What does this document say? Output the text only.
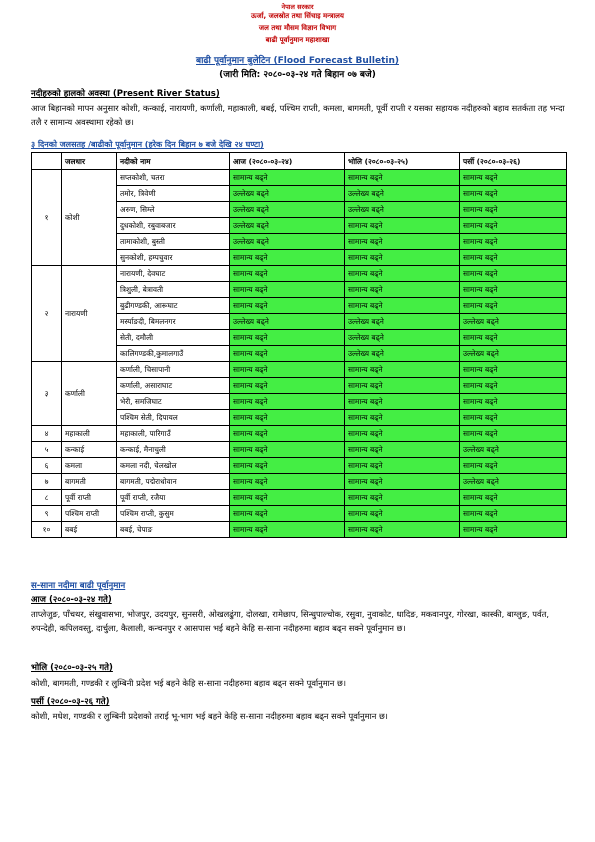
नेपाल सरकार
ऊर्जा, जलस्रोत तथा सिंचाइ मन्त्रालय
जल तथा मौसम विज्ञान विभाग
बाढी पूर्वानुमान महाशाखा
बाढी पूर्वानुमान बुलेटिन (Flood Forecast Bulletin)
(जारी मिति: २०८०-०३-२४ गते बिहान ०७ बजे)
नदीहरुको हालको अवस्था (Present River Status)
आज बिहानको मापन अनुसार कोशी, कन्काई, नारायणी, कर्णाली, महाकाली, बबई, पश्चिम राप्ती, कमला, बागमती, पूर्वी राप्ती र यसका सहायक नदीहरुको बहाव सतर्कता तह भन्दा तलै र सामान्य अवस्थामा रहेको छ।
३ दिनको जलसतह /बाढीको पूर्वानुमान (हरेक दिन बिहान ७ बजे देखि २४ घण्टा)
	जलधार	नदीको नाम	आज (२०८०-०३-२४)	भोलि (२०८०-०३-२५)	पर्सी (२०८०-०३-२६)
१	कोशी	सप्तकोशी, चतरा	सामान्य बढ्ने	सामान्य बढ्ने	सामान्य बढ्ने
		तमोर, त्रिवेणी	उल्लेख्य बढ्ने	उल्लेख्य बढ्ने	सामान्य बढ्ने
		अरुण, सिम्ले	उल्लेख्य बढ्ने	उल्लेख्य बढ्ने	सामान्य बढ्ने
		दुधकोशी, रबुवाबजार	उल्लेख्य बढ्ने	सामान्य बढ्ने	सामान्य बढ्ने
		तामाकोशी, बुस्ती	उल्लेख्य बढ्ने	सामान्य बढ्ने	सामान्य बढ्ने
		सुनकोशी, हम्पचुवार	सामान्य बढ्ने	सामान्य बढ्ने	सामान्य बढ्ने
२	नारायणी	नारायणी, देवघाट	सामान्य बढ्ने	सामान्य बढ्ने	सामान्य बढ्ने
		त्रिशुली, बेत्रावती	सामान्य बढ्ने	सामान्य बढ्ने	सामान्य बढ्ने
		बुढीगण्डकी, आरूघाट	सामान्य बढ्ने	सामान्य बढ्ने	सामान्य बढ्ने
		मर्स्याङदी, बिमलनगर	उल्लेख्य बढ्ने	उल्लेख्य बढ्ने	उल्लेख्य बढ्ने
		सेती, दमौली	सामान्य बढ्ने	उल्लेख्य बढ्ने	सामान्य बढ्ने
		कालिगण्डकी,कुमालगाउँ	सामान्य बढ्ने	उल्लेख्य बढ्ने	उल्लेख्य बढ्ने
३	कर्णाली	कर्णाली, चिसापानी	सामान्य बढ्ने	सामान्य बढ्ने	सामान्य बढ्ने
		कर्णाली, असाराघाट	सामान्य बढ्ने	सामान्य बढ्ने	सामान्य बढ्ने
		भेरी, समजिघाट	सामान्य बढ्ने	सामान्य बढ्ने	सामान्य बढ्ने
		पश्चिम सेती, दिपायल	सामान्य बढ्ने	सामान्य बढ्ने	सामान्य बढ्ने
४	महाकाली	महाकाली, पारिगाउँ	सामान्य बढ्ने	सामान्य बढ्ने	सामान्य बढ्ने
५	कन्काई	कन्काई, मैनाचुली	सामान्य बढ्ने	सामान्य बढ्ने	उल्लेख्य बढ्ने
६	कमला	कमला नदी, चेलखोल	सामान्य बढ्ने	सामान्य बढ्ने	सामान्य बढ्ने
७	बागमती	बागमती, पद्मेराधोवान	सामान्य बढ्ने	सामान्य बढ्ने	उल्लेख्य बढ्ने
८	पूर्वी राप्ती	पूर्वी राप्ती, रजैया	सामान्य बढ्ने	सामान्य बढ्ने	सामान्य बढ्ने
९	पश्चिम राप्ती	पश्चिम राप्ती, कुसुम	सामान्य बढ्ने	सामान्य बढ्ने	सामान्य बढ्ने
१०	बबई	बबई, चेपाङ	सामान्य बढ्ने	सामान्य बढ्ने	सामान्य बढ्ने
स-साना नदीमा बाढी पूर्वानुमान
आज (२०८०-०३-२४ गते)
ताप्लेजुङ, पाँचथर, संखुवासभा, भोजपुर, उदयपुर, सुनसरी, ओखलढुंगा, दोलखा, रामेछाप, सिन्धुपाल्चोक, रसुवा, नुवाकोट, धादिङ, मकवानपुर, गोरखा, कास्की, बाग्लुङ, पर्वत, रुपन्देही, कपिलवस्तु, दार्चुला, कैलाली, कन्चनपुर र आसपास भई बहने केहि स-साना नदीहरुमा बहाव बढ्न सक्ने पूर्वानुमान छ।
भोलि (२०८०-०३-२५ गते)
कोशी, बागमती, गण्डकी र लुम्बिनी प्रदेश भई बहने केहि स-साना नदीहरुमा बहाव बढ्न सक्ने पूर्वानुमान छ।
पर्सी (२०८०-०३-२६ गते)
कोशी, मधेश, गण्डकी र लुम्बिनी प्रदेशको तराई भू-भाग भई बहने केहि स-साना नदीहरुमा बहाव बढ्न सक्ने पूर्वानुमान छ।
